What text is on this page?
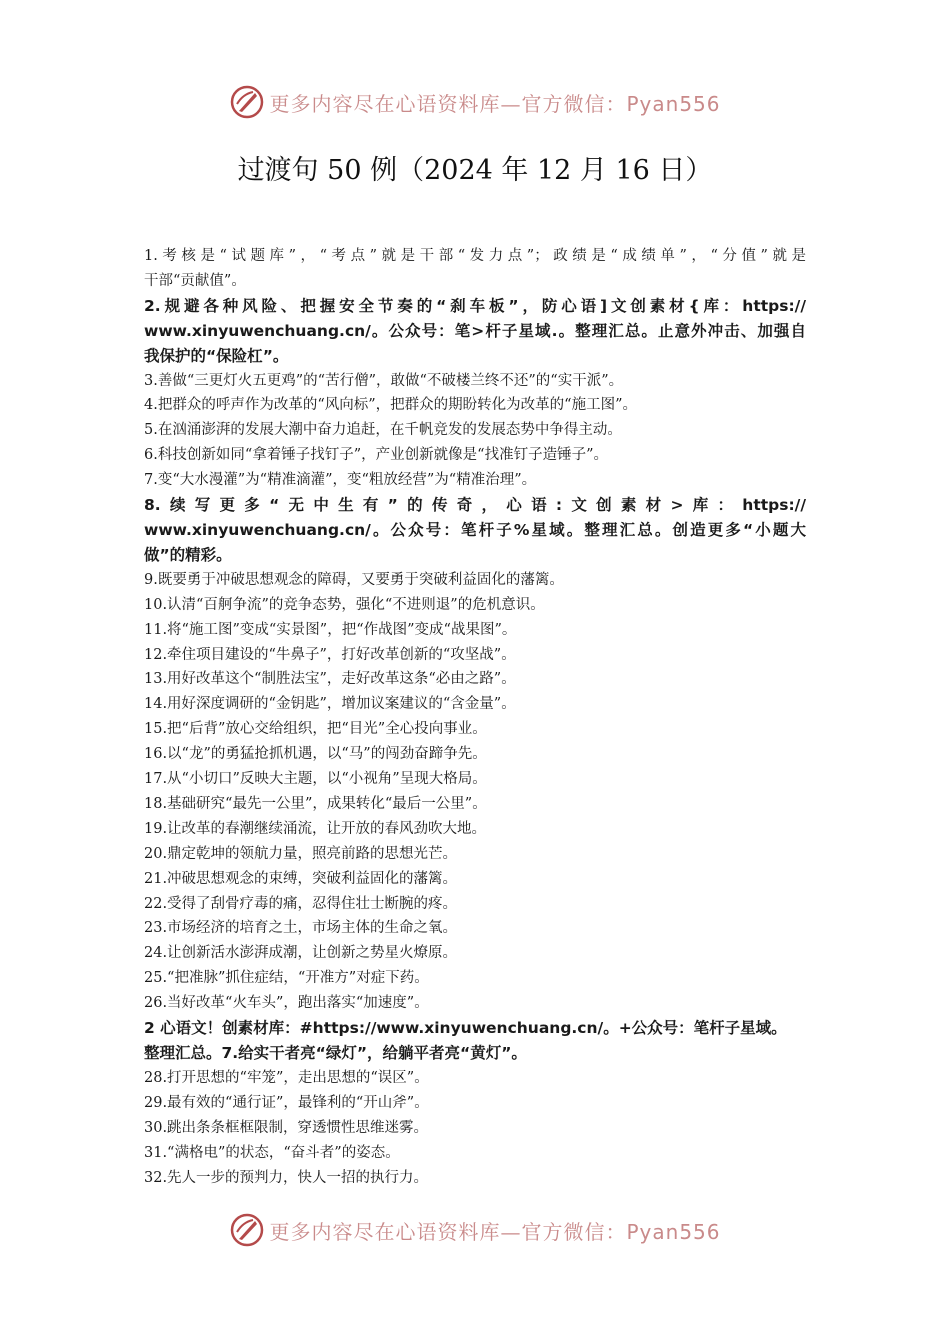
更多内容尽在心语资料库—官方微信：Pyan556
过渡句 50 例（2024 年 12 月 16 日）
1.考核是“试题库”，“考点”就是干部“发力点”；政绩是“成绩单”，“分值”就是
干部“贡献值”。
2.规避各种风险、把握安全节奏的“刹车板”，防心语]文创素材{库：https://
www.xinyuwenchuang.cn/。公众号：笔>杆子星域.。整理汇总。止意外冲击、加强自
我保护的“保险杠”。
3.善做“三更灯火五更鸡”的“苦行僧”，敢做“不破楼兰终不还”的“实干派”。
4.把群众的呼声作为改革的“风向标”，把群众的期盼转化为改革的“施工图”。
5.在汹涌澎湃的发展大潮中奋力追赶，在千帆竞发的发展态势中争得主动。
6.科技创新如同“拿着锤子找钉子”，产业创新就像是“找准钉子造锤子”。
7.变“大水漫灌”为“精准滴灌”，变“粗放经营”为“精准治理”。
8.续写更多“无中生有”的传奇，心语:文创素材>库：https://
www.xinyuwenchuang.cn/。公众号：笔杆子%星域。整理汇总。创造更多“小题大
做”的精彩。
9.既要勇于冲破思想观念的障碍，又要勇于突破利益固化的藩篱。
10.认清“百舸争流”的竞争态势，强化“不进则退”的危机意识。
11.将“施工图”变成“实景图”，把“作战图”变成“战果图”。
12.牵住项目建设的“牛鼻子”，打好改革创新的“攻坚战”。
13.用好改革这个“制胜法宝”，走好改革这条“必由之路”。
14.用好深度调研的“金钥匙”，增加议案建议的“含金量”。
15.把“后背”放心交给组织，把“目光”全心投向事业。
16.以“龙”的勇猛抢抓机遇，以“马”的闯劲奋蹄争先。
17.从“小切口”反映大主题，以“小视角”呈现大格局。
18.基础研究“最先一公里”，成果转化“最后一公里”。
19.让改革的春潮继续涌流，让开放的春风劲吹大地。
20.鼎定乾坤的领航力量，照亮前路的思想光芒。
21.冲破思想观念的束缚，突破利益固化的藩篱。
22.受得了刮骨疗毒的痛，忍得住壮士断腕的疼。
23.市场经济的培育之土，市场主体的生命之氧。
24.让创新活水澎湃成潮，让创新之势星火燎原。
25.“把准脉”抓住症结，“开准方”对症下药。
26.当好改革“火车头”，跑出落实“加速度”。
2 心语文！创素材库：#https://www.xinyuwenchuang.cn/。+公众号：笔杆子星域。
整理汇总。7.给实干者亮“绿灯”，给躺平者亮“黄灯”。
28.打开思想的“牢笼”，走出思想的“误区”。
29.最有效的“通行证”，最锋利的“开山斧”。
30.跳出条条框框限制，穿透惯性思维迷雾。
31.“满格电”的状态，“奋斗者”的姿态。
32.先人一步的预判力，快人一招的执行力。
更多内容尽在心语资料库—官方微信：Pyan556
